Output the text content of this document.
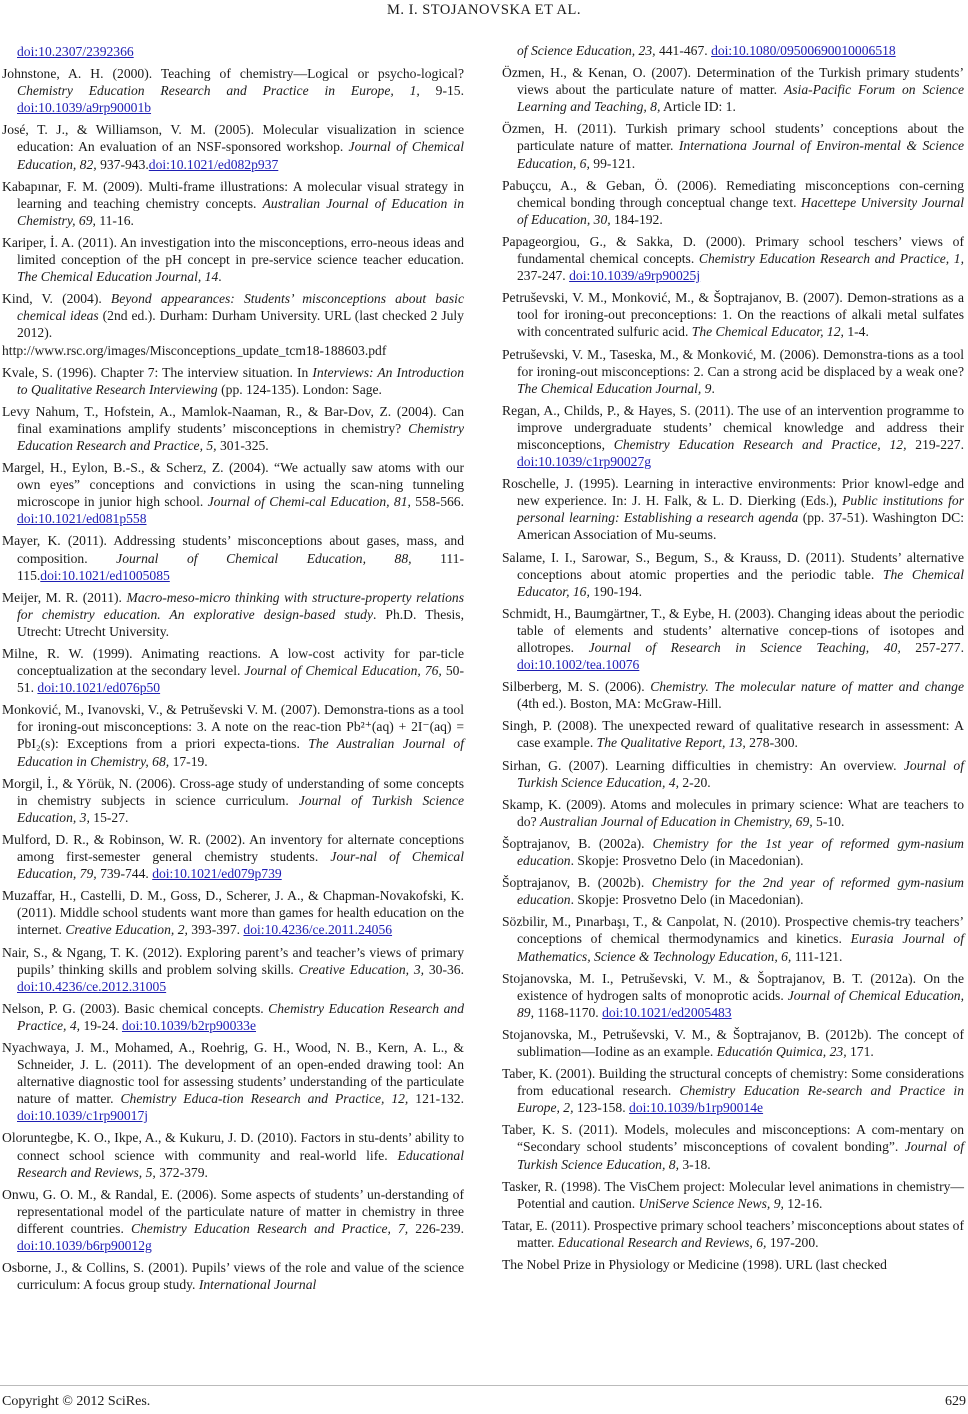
M. I. STOJANOVSKA ET AL.
doi:10.2307/2392366
Johnstone, A. H. (2000). Teaching of chemistry—Logical or psycho-logical? Chemistry Education Research and Practice in Europe, 1, 9-15. doi:10.1039/a9rp90001b
José, T. J., & Williamson, V. M. (2005). Molecular visualization in science education: An evaluation of an NSF-sponsored workshop. Journal of Chemical Education, 82, 937-943.doi:10.1021/ed082p937
Kabapınar, F. M. (2009). Multi-frame illustrations: A molecular visual strategy in learning and teaching chemistry concepts. Australian Journal of Education in Chemistry, 69, 11-16.
Kariper, İ. A. (2011). An investigation into the misconceptions, erro-neous ideas and limited conception of the pH concept in pre-service science teacher education. The Chemical Education Journal, 14.
Kind, V. (2004). Beyond appearances: Students’ misconceptions about basic chemical ideas (2nd ed.). Durham: Durham University. URL (last checked 2 July 2012).
http://www.rsc.org/images/Misconceptions_update_tcm18-188603.pdf
Kvale, S. (1996). Chapter 7: The interview situation. In Interviews: An Introduction to Qualitative Research Interviewing (pp. 124-135). London: Sage.
Levy Nahum, T., Hofstein, A., Mamlok-Naaman, R., & Bar-Dov, Z. (2004). Can final examinations amplify students’ misconceptions in chemistry? Chemistry Education Research and Practice, 5, 301-325.
Margel, H., Eylon, B.-S., & Scherz, Z. (2004). “We actually saw atoms with our own eyes” conceptions and convictions in using the scan-ning tunneling microscope in junior high school. Journal of Chemi-cal Education, 81, 558-566. doi:10.1021/ed081p558
Mayer, K. (2011). Addressing students’ misconceptions about gases, mass, and composition. Journal of Chemical Education, 88, 111-115.doi:10.1021/ed1005085
Meijer, M. R. (2011). Macro-meso-micro thinking with structure-property relations for chemistry education. An explorative design-based study. Ph.D. Thesis, Utrecht: Utrecht University.
Milne, R. W. (1999). Animating reactions. A low-cost activity for par-ticle conceptualization at the secondary level. Journal of Chemical Education, 76, 50-51. doi:10.1021/ed076p50
Monković, M., Ivanovski, V., & Petruševski V. M. (2007). Demonstra-tions as a tool for ironing-out misconceptions: 3. A note on the reac-tion Pb²⁺(aq) + 2I⁻(aq) = PbI₂(s): Exceptions from a priori expecta-tions. The Australian Journal of Education in Chemistry, 68, 17-19.
Morgil, İ., & Yörük, N. (2006). Cross-age study of understanding of some concepts in chemistry subjects in science curriculum. Journal of Turkish Science Education, 3, 15-27.
Mulford, D. R., & Robinson, W. R. (2002). An inventory for alternate conceptions among first-semester general chemistry students. Jour-nal of Chemical Education, 79, 739-744. doi:10.1021/ed079p739
Muzaffar, H., Castelli, D. M., Goss, D., Scherer, J. A., & Chapman-Novakofski, K. (2011). Middle school students want more than games for health education on the internet. Creative Education, 2, 393-397. doi:10.4236/ce.2011.24056
Nair, S., & Ngang, T. K. (2012). Exploring parent’s and teacher’s views of primary pupils’ thinking skills and problem solving skills. Creative Education, 3, 30-36. doi:10.4236/ce.2012.31005
Nelson, P. G. (2003). Basic chemical concepts. Chemistry Education Research and Practice, 4, 19-24. doi:10.1039/b2rp90033e
Nyachwaya, J. M., Mohamed, A., Roehrig, G. H., Wood, N. B., Kern, A. L., & Schneider, J. L. (2011). The development of an open-ended drawing tool: An alternative diagnostic tool for assessing students’ understanding of the particulate nature of matter. Chemistry Educa-tion Research and Practice, 12, 121-132. doi:10.1039/c1rp90017j
Oloruntegbe, K. O., Ikpe, A., & Kukuru, J. D. (2010). Factors in stu-dents’ ability to connect school science with community and real-world life. Educational Research and Reviews, 5, 372-379.
Onwu, G. O. M., & Randal, E. (2006). Some aspects of students’ un-derstanding of representational model of the particulate nature of matter in chemistry in three different countries. Chemistry Education Research and Practice, 7, 226-239. doi:10.1039/b6rp90012g
Osborne, J., & Collins, S. (2001). Pupils’ views of the role and value of the science curriculum: A focus group study. International Journal
of Science Education, 23, 441-467. doi:10.1080/09500690010006518
Özmen, H., & Kenan, O. (2007). Determination of the Turkish primary students’ views about the particulate nature of matter. Asia-Pacific Forum on Science Learning and Teaching, 8, Article ID: 1.
Özmen, H. (2011). Turkish primary school students’ conceptions about the particulate nature of matter. Internationa Journal of Environ-mental & Science Education, 6, 99-121.
Pabuçcu, A., & Geban, Ö. (2006). Remediating misconceptions con-cerning chemical bonding through conceptual change text. Hacettepe University Journal of Education, 30, 184-192.
Papageorgiou, G., & Sakka, D. (2000). Primary school teschers’ views of fundamental chemical concepts. Chemistry Education Research and Practice, 1, 237-247. doi:10.1039/a9rp90025j
Petruševski, V. M., Monković, M., & Šoptrajanov, B. (2007). Demon-strations as a tool for ironing-out preconceptions: 1. On the reactions of alkali metal sulfates with concentrated sulfuric acid. The Chemical Educator, 12, 1-4.
Petruševski, V. M., Taseska, M., & Monković, M. (2006). Demonstra-tions as a tool for ironing-out misconceptions: 2. Can a strong acid be displaced by a weak one? The Chemical Education Journal, 9.
Regan, A., Childs, P., & Hayes, S. (2011). The use of an intervention programme to improve undergraduate students’ chemical knowledge and address their misconceptions, Chemistry Education Research and Practice, 12, 219-227. doi:10.1039/c1rp90027g
Roschelle, J. (1995). Learning in interactive environments: Prior knowl-edge and new experience. In: J. H. Falk, & L. D. Dierking (Eds.), Public institutions for personal learning: Establishing a research agenda (pp. 37-51). Washington DC: American Association of Mu-seums.
Salame, I. I., Sarowar, S., Begum, S., & Krauss, D. (2011). Students’ alternative conceptions about atomic properties and the periodic table. The Chemical Educator, 16, 190-194.
Schmidt, H., Baumgärtner, T., & Eybe, H. (2003). Changing ideas about the periodic table of elements and students’ alternative concep-tions of isotopes and allotropes. Journal of Research in Science Teaching, 40, 257-277. doi:10.1002/tea.10076
Silberberg, M. S. (2006). Chemistry. The molecular nature of matter and change (4th ed.). Boston, MA: McGraw-Hill.
Singh, P. (2008). The unexpected reward of qualitative research in assessment: A case example. The Qualitative Report, 13, 278-300.
Sirhan, G. (2007). Learning difficulties in chemistry: An overview. Journal of Turkish Science Education, 4, 2-20.
Skamp, K. (2009). Atoms and molecules in primary science: What are teachers to do? Australian Journal of Education in Chemistry, 69, 5-10.
Šoptrajanov, B. (2002a). Chemistry for the 1st year of reformed gym-nasium education. Skopje: Prosvetno Delo (in Macedonian).
Šoptrajanov, B. (2002b). Chemistry for the 2nd year of reformed gym-nasium education. Skopje: Prosvetno Delo (in Macedonian).
Sözbilir, M., Pınarbaşı, T., & Canpolat, N. (2010). Prospective chemis-try teachers’ conceptions of chemical thermodynamics and kinetics. Eurasia Journal of Mathematics, Science & Technology Education, 6, 111-121.
Stojanovska, M. I., Petruševski, V. M., & Šoptrajanov, B. T. (2012a). On the existence of hydrogen salts of monoprotic acids. Journal of Chemical Education, 89, 1168-1170. doi:10.1021/ed2005483
Stojanovska, M., Petruševski, V. M., & Šoptrajanov, B. (2012b). The concept of sublimation—Iodine as an example. Educatión Quimica, 23, 171.
Taber, K. (2001). Building the structural concepts of chemistry: Some considerations from educational research. Chemistry Education Re-search and Practice in Europe, 2, 123-158. doi:10.1039/b1rp90014e
Taber, K. S. (2011). Models, molecules and misconceptions: A com-mentary on “Secondary school students’ misconceptions of covalent bonding”. Journal of Turkish Science Education, 8, 3-18.
Tasker, R. (1998). The VisChem project: Molecular level animations in chemistry—Potential and caution. UniServe Science News, 9, 12-16.
Tatar, E. (2011). Prospective primary school teachers’ misconceptions about states of matter. Educational Research and Reviews, 6, 197-200.
The Nobel Prize in Physiology or Medicine (1998). URL (last checked
Copyright © 2012 SciRes.	629
